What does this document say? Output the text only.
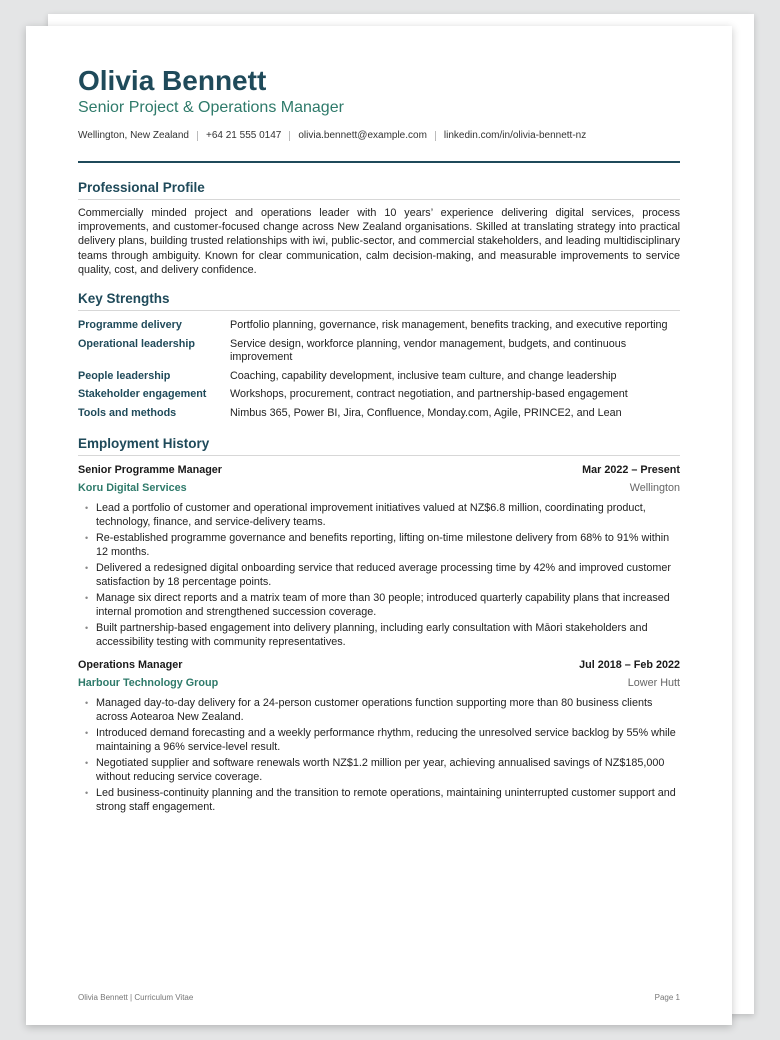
Olivia Bennett
Senior Project & Operations Manager
Wellington, New Zealand +64 21 555 0147 olivia.bennett@example.com linkedin.com/in/olivia-bennett-nz
Professional Profile
Commercially minded project and operations leader with 10 years’ experience delivering digital services, process improvements, and customer-focused change across New Zealand organisations. Skilled at translating strategy into practical delivery plans, building trusted relationships with iwi, public-sector, and commercial stakeholders, and leading multidisciplinary teams through ambiguity. Known for clear communication, calm decision-making, and measurable improvements to service quality, cost, and delivery confidence.
Key Strengths
Programme delivery	Portfolio planning, governance, risk management, benefits tracking, and executive reporting
Operational leadership	Service design, workforce planning, vendor management, budgets, and continuous improvement
People leadership	Coaching, capability development, inclusive team culture, and change leadership
Stakeholder engagement	Workshops, procurement, contract negotiation, and partnership-based engagement
Tools and methods	Nimbus 365, Power BI, Jira, Confluence, Monday.com, Agile, PRINCE2, and Lean
Employment History
Senior Programme Manager	Mar 2022 – Present
Koru Digital Services	Wellington
• Lead a portfolio of customer and operational improvement initiatives valued at NZ$6.8 million, coordinating product, technology, finance, and service-delivery teams.
• Re-established programme governance and benefits reporting, lifting on-time milestone delivery from 68% to 91% within 12 months.
• Delivered a redesigned digital onboarding service that reduced average processing time by 42% and improved customer satisfaction by 18 percentage points.
• Manage six direct reports and a matrix team of more than 30 people; introduced quarterly capability plans that increased internal promotion and strengthened succession coverage.
• Built partnership-based engagement into delivery planning, including early consultation with Māori stakeholders and accessibility testing with community representatives.
Operations Manager	Jul 2018 – Feb 2022
Harbour Technology Group	Lower Hutt
• Managed day-to-day delivery for a 24-person customer operations function supporting more than 80 business clients across Aotearoa New Zealand.
• Introduced demand forecasting and a weekly performance rhythm, reducing the unresolved service backlog by 55% while maintaining a 96% service-level result.
• Negotiated supplier and software renewals worth NZ$1.2 million per year, achieving annualised savings of NZ$185,000 without reducing service coverage.
• Led business-continuity planning and the transition to remote operations, maintaining uninterrupted customer support and strong staff engagement.
Olivia Bennett | Curriculum Vitae	Page 1
